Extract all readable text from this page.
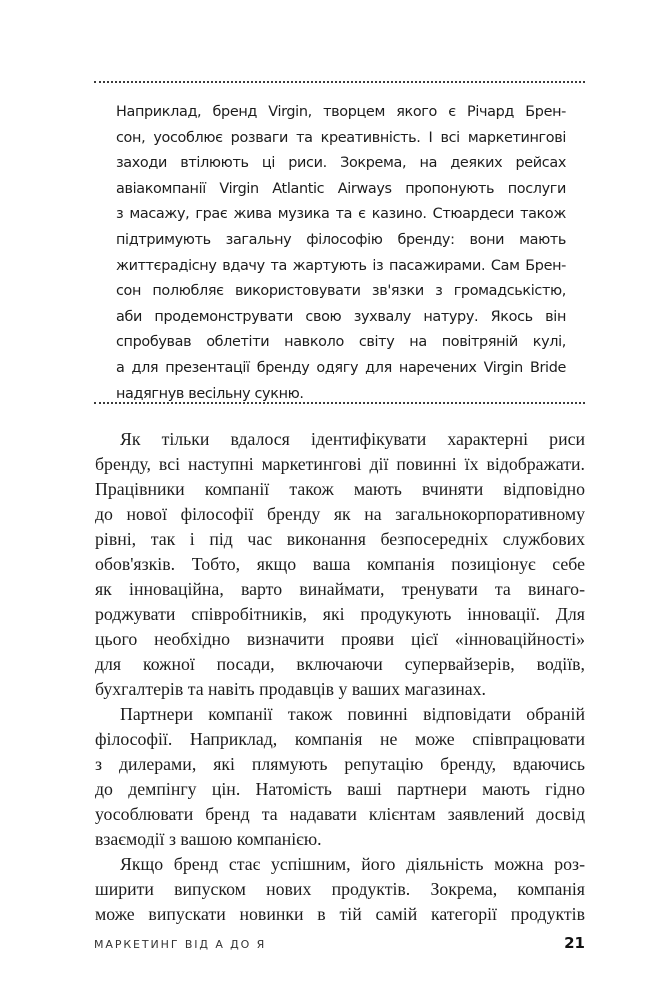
Наприклад, бренд Virgin, творцем якого є Річард Брен-
сон, уособлює розваги та креативність. І всі маркетингові
заходи втілюють ці риси. Зокрема, на деяких рейсах
авіакомпанії Virgin Atlantic Airways пропонують послуги
з масажу, грає жива музика та є казино. Стюардеси також
підтримують загальну філософію бренду: вони мають
життєрадісну вдачу та жартують із пасажирами. Сам Брен-
сон полюбляє використовувати зв'язки з громадськістю,
аби продемонструвати свою зухвалу натуру. Якось він
спробував облетіти навколо світу на повітряній кулі,
а для презентації бренду одягу для наречених Virgin Bride
надягнув весільну сукню.
Як тільки вдалося ідентифікувати характерні риси
бренду, всі наступні маркетингові дії повинні їх відображати.
Працівники компанії також мають вчиняти відповідно
до нової філософії бренду як на загальнокорпоративному
рівні, так і під час виконання безпосередніх службових
обов'язків. Тобто, якщо ваша компанія позиціонує себе
як інноваційна, варто винаймати, тренувати та винаго-
роджувати співробітників, які продукують інновації. Для
цього необхідно визначити прояви цієї «інноваційності»
для кожної посади, включаючи супервайзерів, водіїв,
бухгалтерів та навіть продавців у ваших магазинах.
Партнери компанії також повинні відповідати обраній
філософії. Наприклад, компанія не може співпрацювати
з дилерами, які плямують репутацію бренду, вдаючись
до демпінгу цін. Натомість ваші партнери мають гідно
уособлювати бренд та надавати клієнтам заявлений досвід
взаємодії з вашою компанією.
Якщо бренд стає успішним, його діяльність можна роз-
ширити випуском нових продуктів. Зокрема, компанія
може випускати новинки в тій самій категорії продуктів
МАРКЕТИНГ ВІД А ДО Я	21
